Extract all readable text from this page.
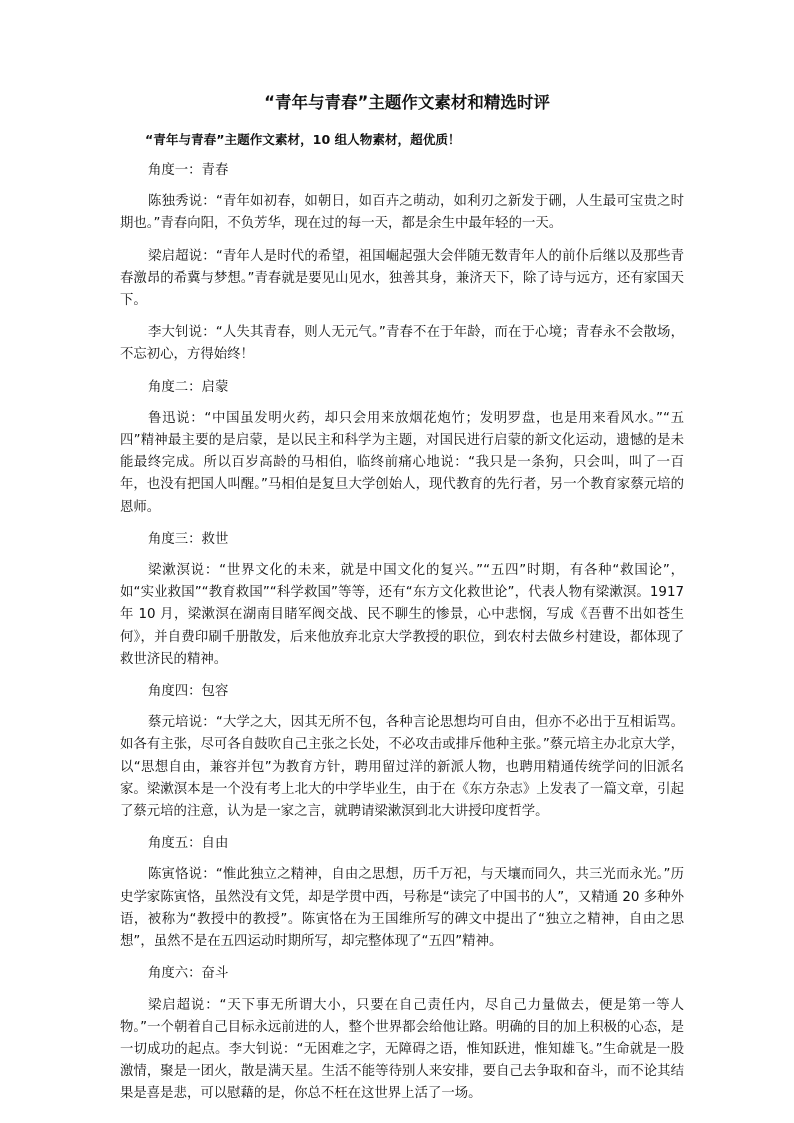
“青年与青春”主题作文素材和精选时评

“青年与青春”主题作文素材，10 组人物素材，超优质！

角度一：青春

陈独秀说：“青年如初春，如朝日，如百卉之萌动，如利刃之新发于硎，人生最可宝贵之时期也。”青春向阳，不负芳华，现在过的每一天，都是余生中最年轻的一天。

梁启超说：“青年人是时代的希望，祖国崛起强大会伴随无数青年人的前仆后继以及那些青春激昂的希冀与梦想。”青春就是要见山见水，独善其身，兼济天下，除了诗与远方，还有家国天下。

李大钊说：“人失其青春，则人无元气。”青春不在于年龄，而在于心境；青春永不会散场，不忘初心，方得始终！

角度二：启蒙

鲁迅说：“中国虽发明火药，却只会用来放烟花炮竹；发明罗盘，也是用来看风水。”“五四”精神最主要的是启蒙，是以民主和科学为主题，对国民进行启蒙的新文化运动，遗憾的是未能最终完成。所以百岁高龄的马相伯，临终前痛心地说：“我只是一条狗，只会叫，叫了一百年，也没有把国人叫醒。”马相伯是复旦大学创始人，现代教育的先行者，另一个教育家蔡元培的恩师。

角度三：救世

梁漱溟说：“世界文化的未来，就是中国文化的复兴。”“五四”时期，有各种“救国论”，如“实业救国”“教育救国”“科学救国”等等，还有“东方文化救世论”，代表人物有梁漱溟。1917年 10 月，梁漱溟在湖南目睹军阀交战、民不聊生的惨景，心中悲悯，写成《吾曹不出如苍生何》，并自费印刷千册散发，后来他放弃北京大学教授的职位，到农村去做乡村建设，都体现了救世济民的精神。

角度四：包容

蔡元培说：“大学之大，因其无所不包，各种言论思想均可自由，但亦不必出于互相诟骂。如各有主张，尽可各自鼓吹自己主张之长处，不必攻击或排斥他种主张。”蔡元培主办北京大学，以“思想自由，兼容并包”为教育方针，聘用留过洋的新派人物，也聘用精通传统学问的旧派名家。梁漱溟本是一个没有考上北大的中学毕业生，由于在《东方杂志》上发表了一篇文章，引起了蔡元培的注意，认为是一家之言，就聘请梁漱溟到北大讲授印度哲学。

角度五：自由

陈寅恪说：“惟此独立之精神，自由之思想，历千万祀，与天壤而同久，共三光而永光。”历史学家陈寅恪，虽然没有文凭，却是学贯中西，号称是“读完了中国书的人”，又精通 20 多种外语，被称为“教授中的教授”。陈寅恪在为王国维所写的碑文中提出了“独立之精神，自由之思想”，虽然不是在五四运动时期所写，却完整体现了“五四”精神。

角度六：奋斗

梁启超说：“天下事无所谓大小，只要在自己责任内，尽自己力量做去，便是第一等人物。”一个朝着自己目标永远前进的人，整个世界都会给他让路。明确的目的加上积极的心态，是一切成功的起点。李大钊说：“无困难之字，无障碍之语，惟知跃进，惟知雄飞。”生命就是一股激情，聚是一团火，散是满天星。生活不能等待别人来安排，要自己去争取和奋斗，而不论其结果是喜是悲，可以慰藉的是，你总不枉在这世界上活了一场。
